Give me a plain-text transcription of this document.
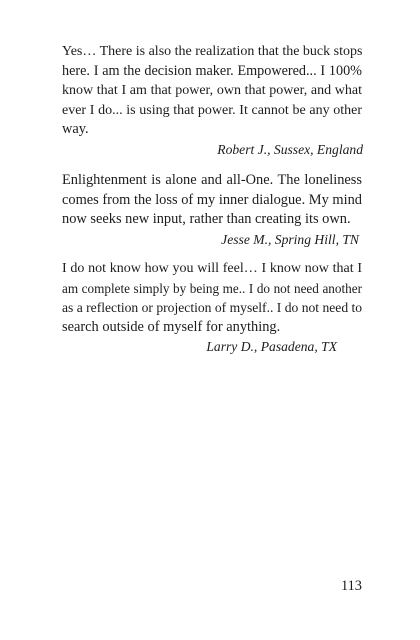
Yes… There is also the realization that the buck stops
here. I am the decision maker. Empowered... I 100%
know that I am that power, own that power, and what
ever I do... is using that power. It cannot be any other
way.
Robert J., Sussex, England
Enlightenment is alone and all-One. The loneliness
comes from the loss of my inner dialogue. My mind
now seeks new input, rather than creating its own.
Jesse M., Spring Hill, TN
I do not know how you will feel… I know now that I
am complete simply by being me.. I do not need another
as a reflection or projection of myself.. I do not need to
search outside of myself for anything.
Larry D., Pasadena, TX
113
